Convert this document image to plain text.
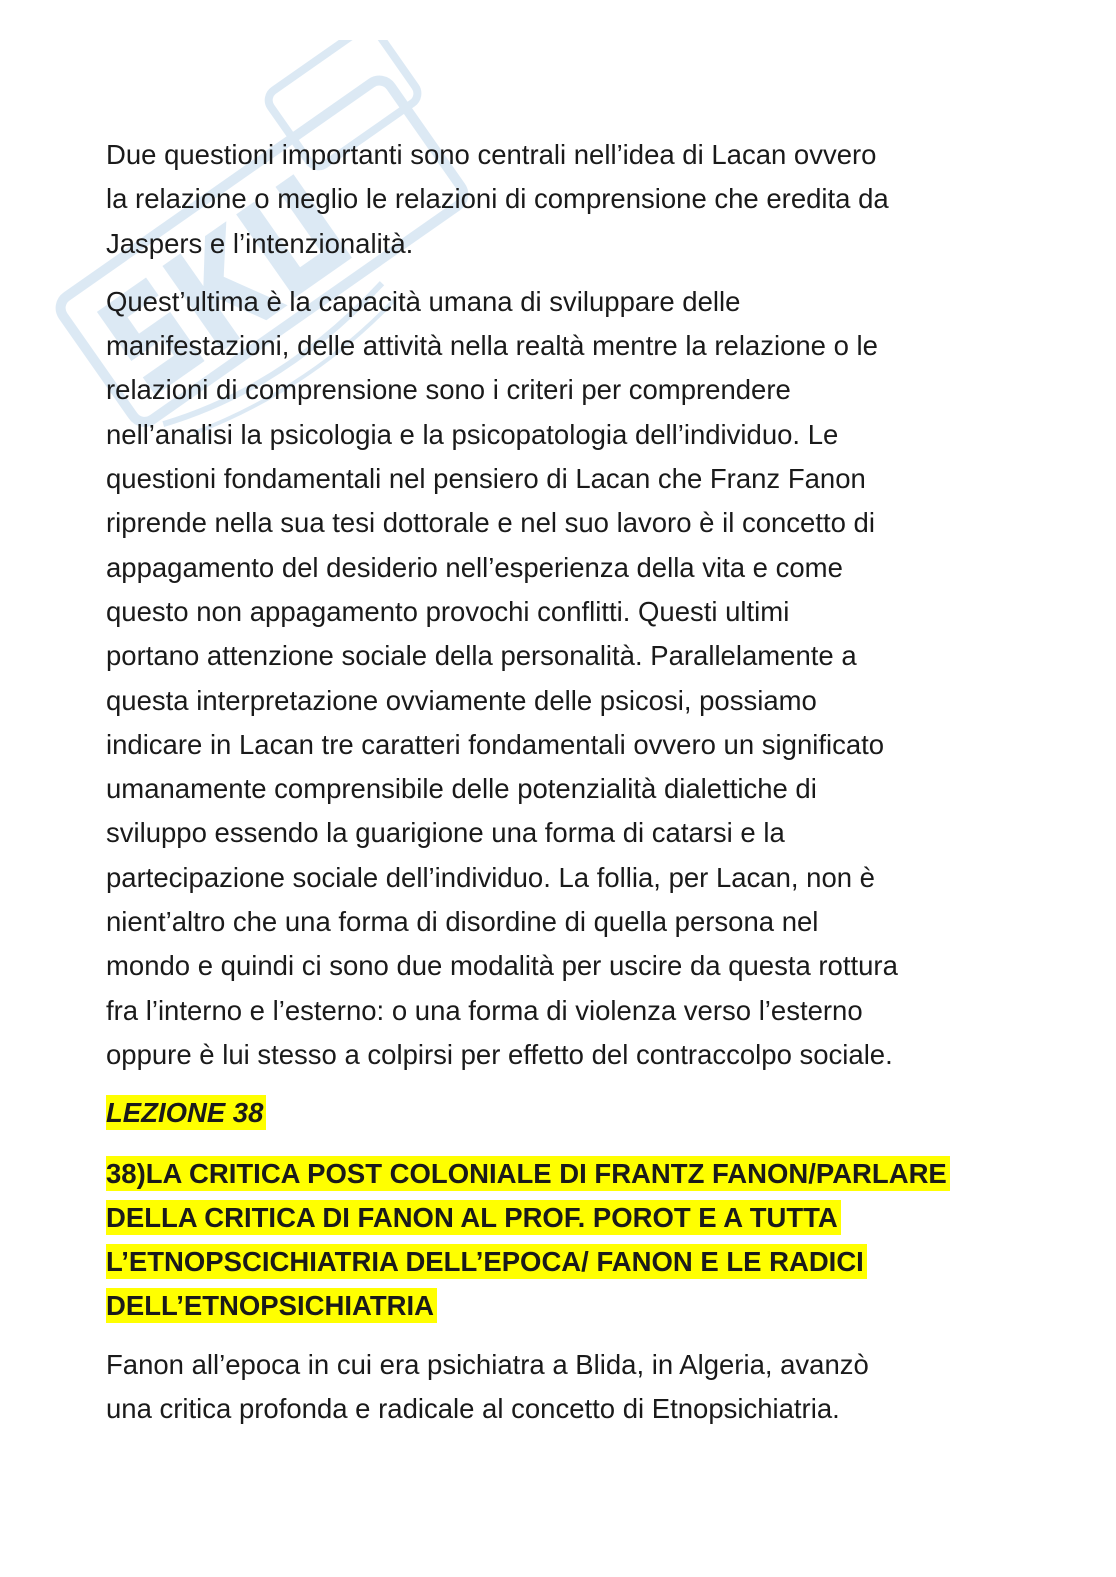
Due questioni importanti sono centrali nell’idea di Lacan ovvero
la relazione o meglio le relazioni di comprensione che eredita da
Jaspers e l’intenzionalità.
Quest’ultima è la capacità umana di sviluppare delle
manifestazioni, delle attività nella realtà mentre la relazione o le
relazioni di comprensione sono i criteri per comprendere
nell’analisi la psicologia e la psicopatologia dell’individuo. Le
questioni fondamentali nel pensiero di Lacan che Franz Fanon
riprende nella sua tesi dottorale e nel suo lavoro è il concetto di
appagamento del desiderio nell’esperienza della vita e come
questo non appagamento provochi conflitti. Questi ultimi
portano attenzione sociale della personalità. Parallelamente a
questa interpretazione ovviamente delle psicosi, possiamo
indicare in Lacan tre caratteri fondamentali ovvero un significato
umanamente comprensibile delle potenzialità dialettiche di
sviluppo essendo la guarigione una forma di catarsi e la
partecipazione sociale dell’individuo. La follia, per Lacan, non è
nient’altro che una forma di disordine di quella persona nel
mondo e quindi ci sono due modalità per uscire da questa rottura
fra l’interno e l’esterno: o una forma di violenza verso l’esterno
oppure è lui stesso a colpirsi per effetto del contraccolpo sociale.
LEZIONE 38
38)LA CRITICA POST COLONIALE DI FRANTZ FANON/PARLARE
DELLA CRITICA DI FANON AL PROF. POROT E A TUTTA
L’ETNOPSCICHIATRIA DELL’EPOCA/ FANON E LE RADICI
DELL’ETNOPSICHIATRIA
Fanon all’epoca in cui era psichiatra a Blida, in Algeria, avanzò
una critica profonda e radicale al concetto di Etnopsichiatria.
